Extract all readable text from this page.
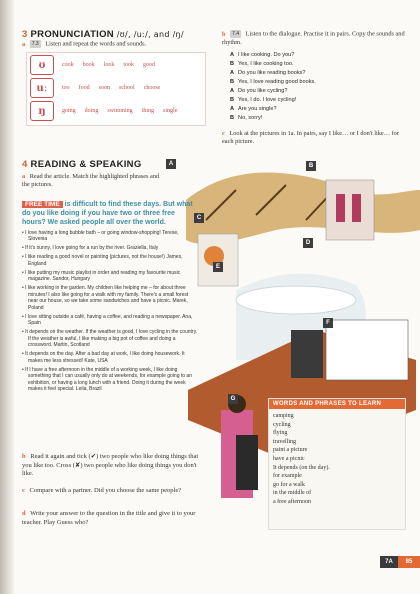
3 PRONUNCIATION /ʊ/, /uː/, and /ŋ/
a 7.3 Listen and repeat the words and sounds.
ʊ	cook book look took good
uː	too food soon school choose
ŋ	going doing swimming thing single
b 7.4 Listen to the dialogue. Practise it in pairs. Copy the sounds and rhythm.
A I like cooking. Do you?
B Yes, I like cooking too.
A Do you like reading books?
B Yes, I love reading good books.
A Do you like cycling?
B Yes, I do. I love cycling!
A Are you single?
B No, sorry!
c Look at the pictures in 1a. In pairs, say I like… or I don't like… for each picture.
4 READING & SPEAKING
a Read the article. Match the highlighted phrases and the pictures.
A	B
C
D
E
F
G
FREE TIME is difficult to find these days. But what do you like doing if you have two or three free hours? We asked people all over the world.
• I love having a long bubble bath – or going window-shopping! Terese, Slovenia
• If it's sunny, I love going for a run by the river. Graziella, Italy
• I like reading a good novel or painting (pictures, not the house!) James, England
• I like putting my music playlist in order and reading my favourite music magazine. Sandor, Hungary
• I like working in the garden. My children like helping me – for about three minutes! I also like going for a walk with my family. There's a small forest near our house, so we take some sandwiches and have a picnic. Marek, Poland
• I love sitting outside a café, having a coffee, and reading a newspaper. Ana, Spain
• It depends on the weather. If the weather is good, I love cycling in the country. If the weather is awful, I like making a big pot of coffee and doing a crossword. Martin, Scotland
• It depends on the day. After a bad day at work, I like doing housework. It makes me less stressed! Kate, USA
• If I have a free afternoon in the middle of a working week, I like doing something that I can usually only do at weekends, for example going to an exhibition, or having a long lunch with a friend. Doing it during the week makes it feel special. Leila, Brazil
b Read it again and tick (✔) two people who like doing things that you like too. Cross (✘) two people who like doing things you don't like.
c Compare with a partner. Did you choose the same people?
d Write your answer to the question in the title and give it to your teacher. Play Guess who?
WORDS AND PHRASES TO LEARN
camping
cycling
flying
travelling
paint a picture
have a picnic
It depends (on the day).
for example
go for a walk
in the middle of
a free afternoon
7A	85
